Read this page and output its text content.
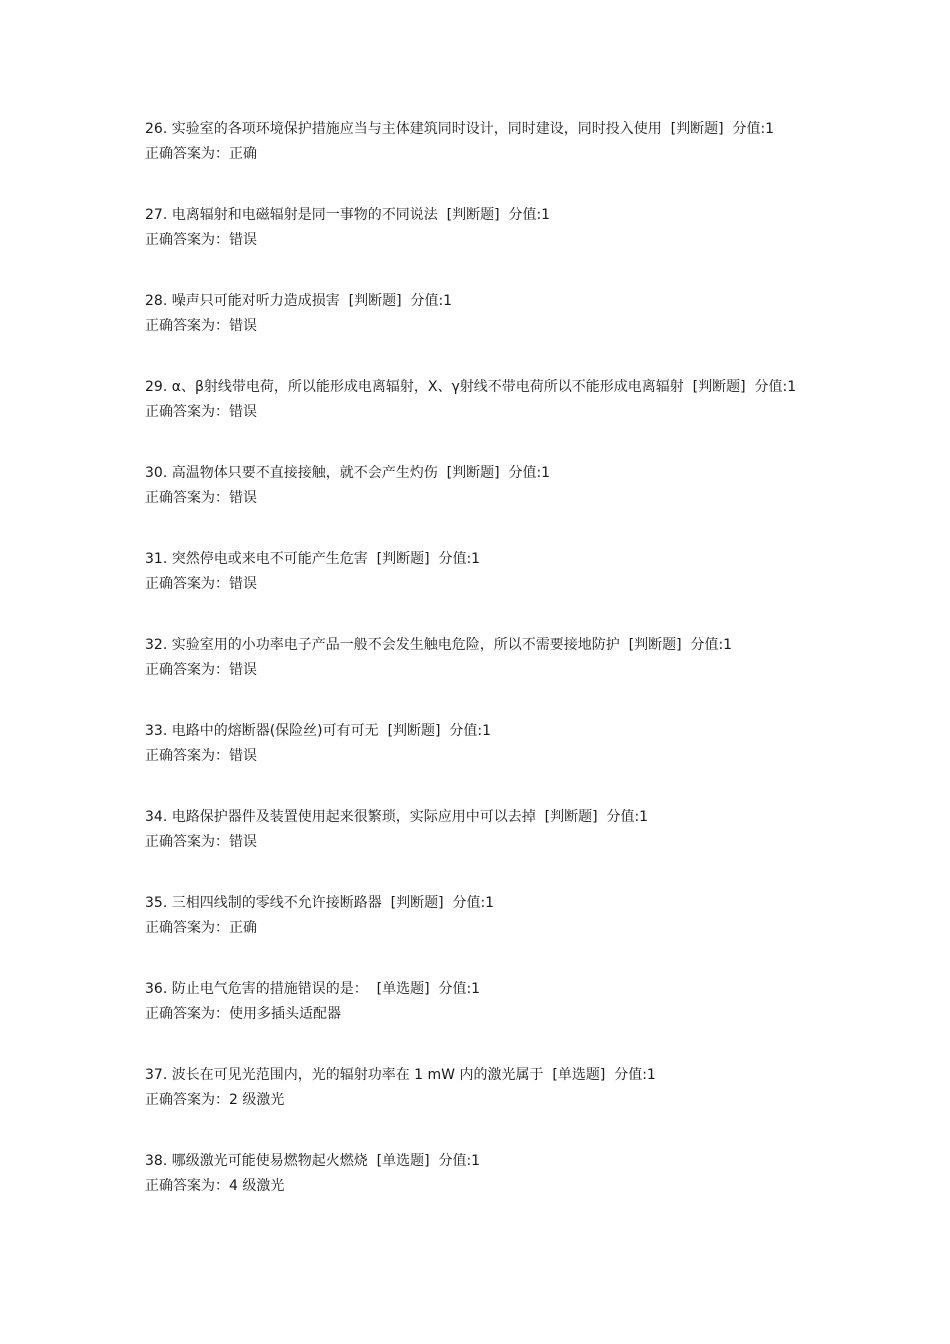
26. 实验室的各项环境保护措施应当与主体建筑同时设计，同时建设，同时投入使用 [判断题] 分值:1
正确答案为：正确
27. 电离辐射和电磁辐射是同一事物的不同说法 [判断题] 分值:1
正确答案为：错误
28. 噪声只可能对听力造成损害 [判断题] 分值:1
正确答案为：错误
29. α、β射线带电荷，所以能形成电离辐射，X、γ射线不带电荷所以不能形成电离辐射 [判断题] 分值:1
正确答案为：错误
30. 高温物体只要不直接接触，就不会产生灼伤 [判断题] 分值:1
正确答案为：错误
31. 突然停电或来电不可能产生危害 [判断题] 分值:1
正确答案为：错误
32. 实验室用的小功率电子产品一般不会发生触电危险，所以不需要接地防护 [判断题] 分值:1
正确答案为：错误
33. 电路中的熔断器(保险丝)可有可无 [判断题] 分值:1
正确答案为：错误
34. 电路保护器件及装置使用起来很繁琐，实际应用中可以去掉 [判断题] 分值:1
正确答案为：错误
35. 三相四线制的零线不允许接断路器 [判断题] 分值:1
正确答案为：正确
36. 防止电气危害的措施错误的是： [单选题] 分值:1
正确答案为：使用多插头适配器
37. 波长在可见光范围内，光的辐射功率在 1 mW 内的激光属于 [单选题] 分值:1
正确答案为：2 级激光
38. 哪级激光可能使易燃物起火燃烧 [单选题] 分值:1
正确答案为：4 级激光
